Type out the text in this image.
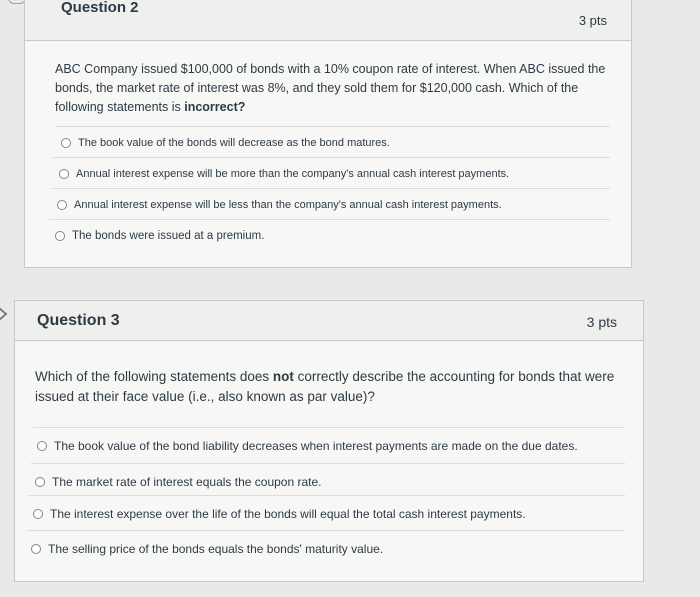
Question 2
3 pts
ABC Company issued $100,000 of bonds with a 10% coupon rate of interest. When ABC issued the bonds, the market rate of interest was 8%, and they sold them for $120,000 cash. Which of the following statements is incorrect?
The book value of the bonds will decrease as the bond matures.
Annual interest expense will be more than the company's annual cash interest payments.
Annual interest expense will be less than the company's annual cash interest payments.
The bonds were issued at a premium.
Question 3	3 pts
Which of the following statements does not correctly describe the accounting for bonds that were issued at their face value (i.e., also known as par value)?
The book value of the bond liability decreases when interest payments are made on the due dates.
The market rate of interest equals the coupon rate.
The interest expense over the life of the bonds will equal the total cash interest payments.
The selling price of the bonds equals the bonds' maturity value.
